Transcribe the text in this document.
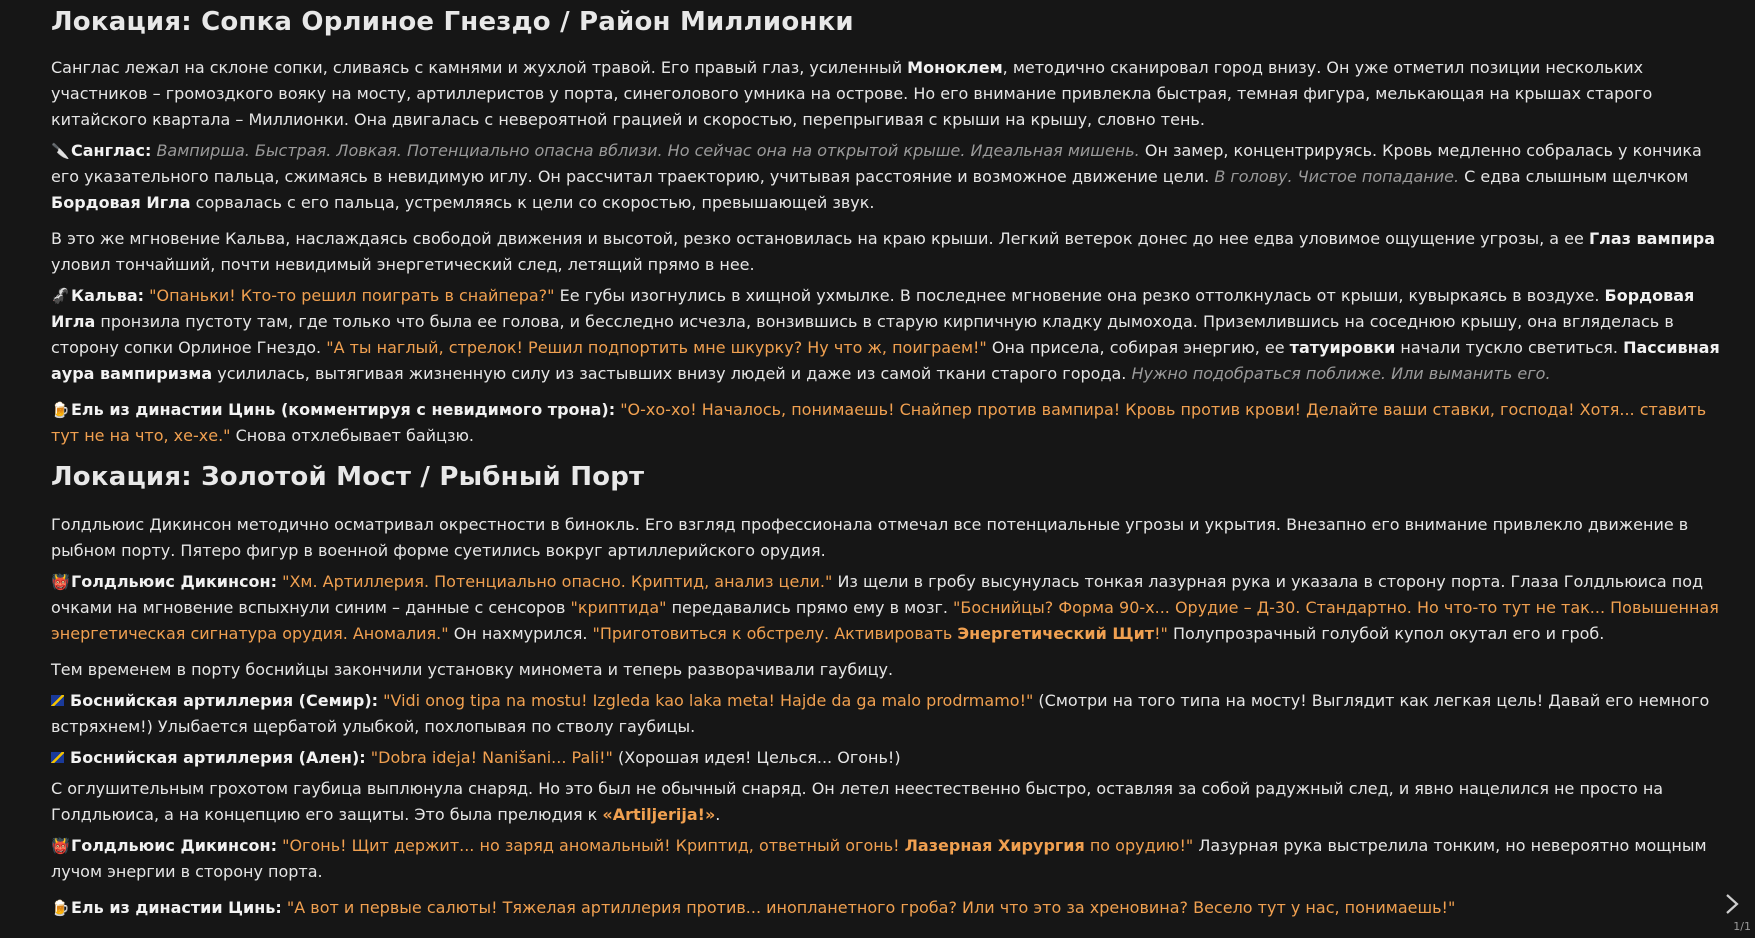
Локация: Сопка Орлиное Гнездо / Район Миллионки

Санглас лежал на склоне сопки, сливаясь с камнями и жухлой травой. Его правый глаз, усиленный Моноклем, методично сканировал город внизу. Он уже отметил позиции нескольких участников – громоздкого вояку на мосту, артиллеристов у порта, синеголового умника на острове. Но его внимание привлекла быстрая, темная фигура, мелькающая на крышах старого китайского квартала – Миллионки. Она двигалась с невероятной грацией и скоростью, перепрыгивая с крыши на крышу, словно тень.

🔪Санглас: Вампирша. Быстрая. Ловкая. Потенциально опасна вблизи. Но сейчас она на открытой крыше. Идеальная мишень. Он замер, концентрируясь. Кровь медленно собралась у кончика его указательного пальца, сжимаясь в невидимую иглу. Он рассчитал траекторию, учитывая расстояние и возможное движение цели. В голову. Чистое попадание. С едва слышным щелчком Бордовая Игла сорвалась с его пальца, устремляясь к цели со скоростью, превышающей звук.

В это же мгновение Кальва, наслаждаясь свободой движения и высотой, резко остановилась на краю крыши. Легкий ветерок донес до нее едва уловимое ощущение угрозы, а ее Глаз вампира уловил тончайший, почти невидимый энергетический след, летящий прямо в нее.

🦨Кальва: "Опаньки! Кто-то решил поиграть в снайпера?" Ее губы изогнулись в хищной ухмылке. В последнее мгновение она резко оттолкнулась от крыши, кувыркаясь в воздухе. Бордовая Игла пронзила пустоту там, где только что была ее голова, и бесследно исчезла, вонзившись в старую кирпичную кладку дымохода. Приземлившись на соседнюю крышу, она вгляделась в сторону сопки Орлиное Гнездо. "А ты наглый, стрелок! Решил подпортить мне шкурку? Ну что ж, поиграем!" Она присела, собирая энергию, ее татуировки начали тускло светиться. Пассивная аура вампиризма усилилась, вытягивая жизненную силу из застывших внизу людей и даже из самой ткани старого города. Нужно подобраться поближе. Или выманить его.

🍺Ель из династии Цинь (комментируя с невидимого трона): "О-хо-хо! Началось, понимаешь! Снайпер против вампира! Кровь против крови! Делайте ваши ставки, господа! Хотя... ставить тут не на что, хе-хе." Снова отхлебывает байцзю.

Локация: Золотой Мост / Рыбный Порт

Голдльюис Дикинсон методично осматривал окрестности в бинокль. Его взгляд профессионала отмечал все потенциальные угрозы и укрытия. Внезапно его внимание привлекло движение в рыбном порту. Пятеро фигур в военной форме суетились вокруг артиллерийского орудия.

👹Голдльюис Дикинсон: "Хм. Артиллерия. Потенциально опасно. Криптид, анализ цели." Из щели в гробу высунулась тонкая лазурная рука и указала в сторону порта. Глаза Голдльюиса под очками на мгновение вспыхнули синим – данные с сенсоров "криптида" передавались прямо ему в мозг. "Боснийцы? Форма 90-х... Орудие – Д-30. Стандартно. Но что-то тут не так... Повышенная энергетическая сигнатура орудия. Аномалия." Он нахмурился. "Приготовиться к обстрелу. Активировать Энергетический Щит!" Полупрозрачный голубой купол окутал его и гроб.

Тем временем в порту боснийцы закончили установку миномета и теперь разворачивали гаубицу.

Боснийская артиллерия (Семир): "Vidi onog tipa na mostu! Izgleda kao laka meta! Hajde da ga malo prodrmamo!" (Смотри на того типа на мосту! Выглядит как легкая цель! Давай его немного встряхнем!) Улыбается щербатой улыбкой, похлопывая по стволу гаубицы.

Боснийская артиллерия (Ален): "Dobra ideja! Nanišani... Pali!" (Хорошая идея! Целься... Огонь!)

С оглушительным грохотом гаубица выплюнула снаряд. Но это был не обычный снаряд. Он летел неестественно быстро, оставляя за собой радужный след, и явно нацелился не просто на Голдльюиса, а на концепцию его защиты. Это была прелюдия к «Artiljerija!».

👹Голдльюис Дикинсон: "Огонь! Щит держит... но заряд аномальный! Криптид, ответный огонь! Лазерная Хирургия по орудию!" Лазурная рука выстрелила тонким, но невероятно мощным лучом энергии в сторону порта.

🍺Ель из династии Цинь: "А вот и первые салюты! Тяжелая артиллерия против... инопланетного гроба? Или что это за хреновина? Весело тут у нас, понимаешь!"

1/1
